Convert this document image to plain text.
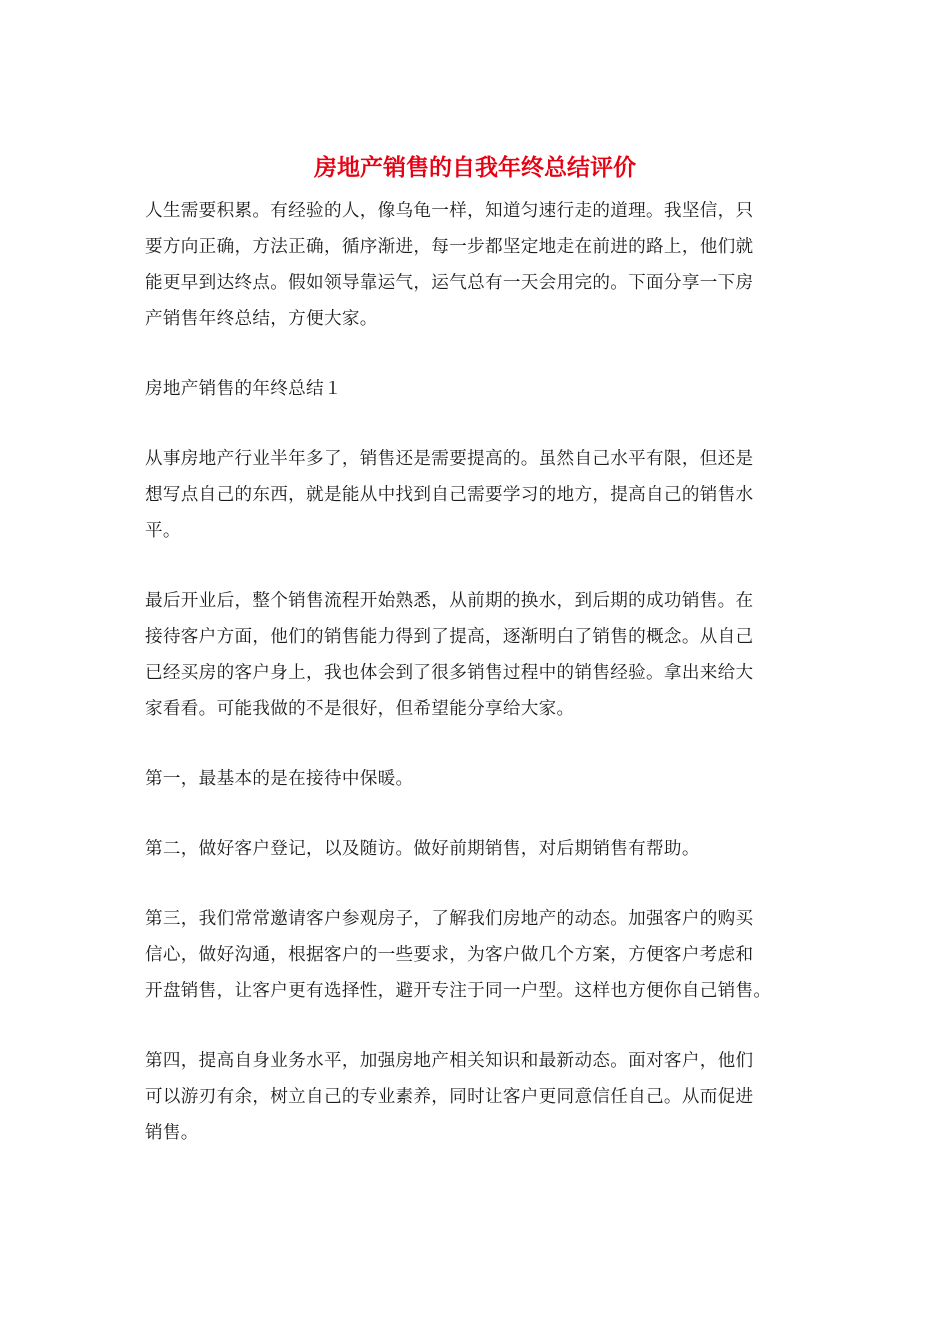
房地产销售的自我年终总结评价

人生需要积累。有经验的人，像乌龟一样，知道匀速行走的道理。我坚信，只
要方向正确，方法正确，循序渐进，每一步都坚定地走在前进的路上，他们就
能更早到达终点。假如领导靠运气，运气总有一天会用完的。下面分享一下房
产销售年终总结，方便大家。

房地产销售的年终总结１

从事房地产行业半年多了，销售还是需要提高的。虽然自己水平有限，但还是
想写点自己的东西，就是能从中找到自己需要学习的地方，提高自己的销售水
平。

最后开业后，整个销售流程开始熟悉，从前期的换水，到后期的成功销售。在
接待客户方面，他们的销售能力得到了提高，逐渐明白了销售的概念。从自己
已经买房的客户身上，我也体会到了很多销售过程中的销售经验。拿出来给大
家看看。可能我做的不是很好，但希望能分享给大家。

第一，最基本的是在接待中保暖。

第二，做好客户登记，以及随访。做好前期销售，对后期销售有帮助。

第三，我们常常邀请客户参观房子，了解我们房地产的动态。加强客户的购买
信心，做好沟通，根据客户的一些要求，为客户做几个方案，方便客户考虑和
开盘销售，让客户更有选择性，避开专注于同一户型。这样也方便你自己销售。

第四，提高自身业务水平，加强房地产相关知识和最新动态。面对客户，他们
可以游刃有余，树立自己的专业素养，同时让客户更同意信任自己。从而促进
销售。
